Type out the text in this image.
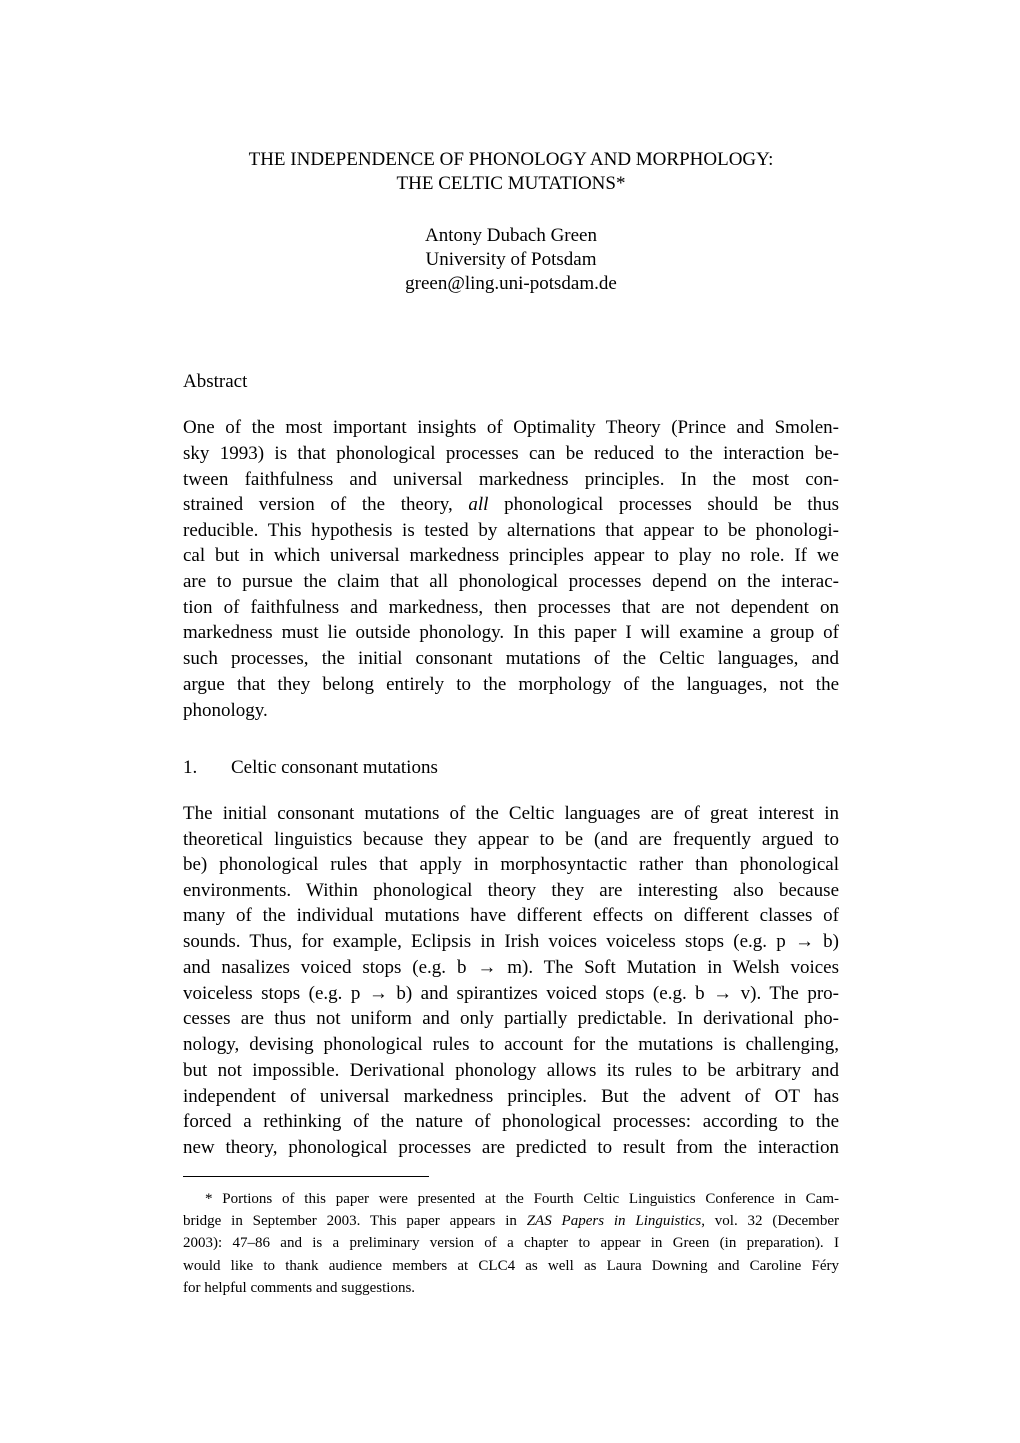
THE INDEPENDENCE OF PHONOLOGY AND MORPHOLOGY:
THE CELTIC MUTATIONS*
Antony Dubach Green
University of Potsdam
green@ling.uni-potsdam.de
Abstract
One of the most important insights of Optimality Theory (Prince and Smolen-
sky 1993) is that phonological processes can be reduced to the interaction be-
tween faithfulness and universal markedness principles. In the most con-
strained version of the theory, all phonological processes should be thus
reducible. This hypothesis is tested by alternations that appear to be phonologi-
cal but in which universal markedness principles appear to play no role. If we
are to pursue the claim that all phonological processes depend on the interac-
tion of faithfulness and markedness, then processes that are not dependent on
markedness must lie outside phonology. In this paper I will examine a group of
such processes, the initial consonant mutations of the Celtic languages, and
argue that they belong entirely to the morphology of the languages, not the
phonology.
1. Celtic consonant mutations
The initial consonant mutations of the Celtic languages are of great interest in
theoretical linguistics because they appear to be (and are frequently argued to
be) phonological rules that apply in morphosyntactic rather than phonological
environments. Within phonological theory they are interesting also because
many of the individual mutations have different effects on different classes of
sounds. Thus, for example, Eclipsis in Irish voices voiceless stops (e.g. p → b)
and nasalizes voiced stops (e.g. b → m). The Soft Mutation in Welsh voices
voiceless stops (e.g. p → b) and spirantizes voiced stops (e.g. b → v). The pro-
cesses are thus not uniform and only partially predictable. In derivational pho-
nology, devising phonological rules to account for the mutations is challenging,
but not impossible. Derivational phonology allows its rules to be arbitrary and
independent of universal markedness principles. But the advent of OT has
forced a rethinking of the nature of phonological processes: according to the
new theory, phonological processes are predicted to result from the interaction
* Portions of this paper were presented at the Fourth Celtic Linguistics Conference in Cam-
bridge in September 2003. This paper appears in ZAS Papers in Linguistics, vol. 32 (December
2003): 47–86 and is a preliminary version of a chapter to appear in Green (in preparation). I
would like to thank audience members at CLC4 as well as Laura Downing and Caroline Féry
for helpful comments and suggestions.
